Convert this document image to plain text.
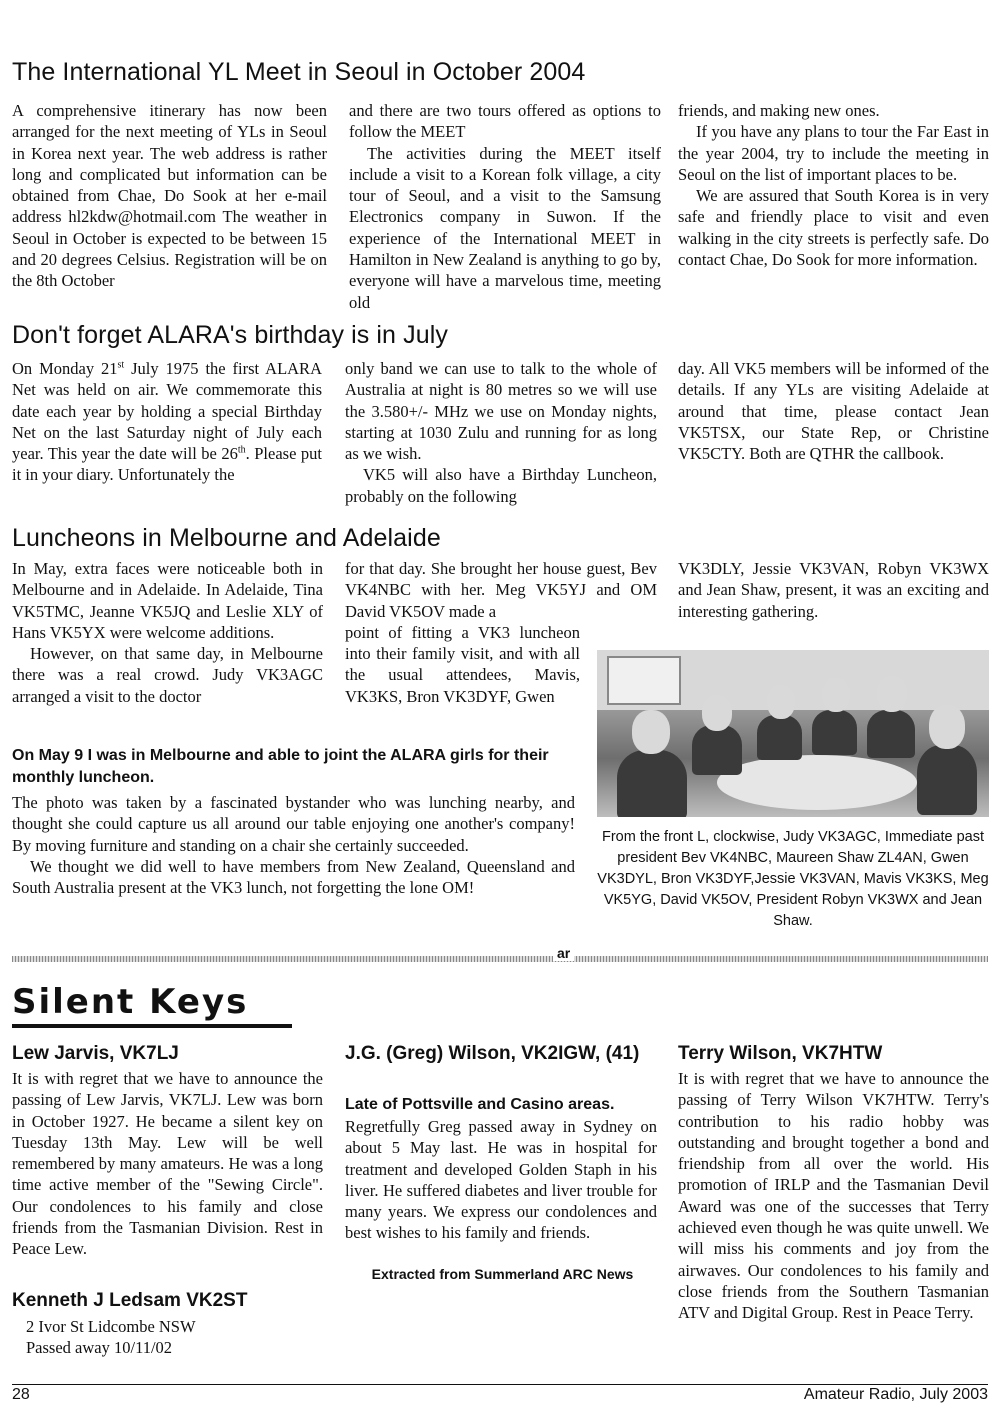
The International YL Meet in Seoul in October 2004

A comprehensive itinerary has now been arranged for the next meeting of YLs in Seoul in Korea next year. The web address is rather long and complicated but information can be obtained from Chae, Do Sook at her e-mail address hl2kdw@hotmail.com The weather in Seoul in October is expected to be between 15 and 20 degrees Celsius. Registration will be on the 8th October

and there are two tours offered as options to follow the MEET

The activities during the MEET itself include a visit to a Korean folk village, a city tour of Seoul, and a visit to the Samsung Electronics company in Suwon. If the experience of the International MEET in Hamilton in New Zealand is anything to go by, everyone will have a marvelous time, meeting old

friends, and making new ones.

If you have any plans to tour the Far East in the year 2004, try to include the meeting in Seoul on the list of important places to be.

We are assured that South Korea is in very safe and friendly place to visit and even walking in the city streets is perfectly safe. Do contact Chae, Do Sook for more information.

Don't forget ALARA's birthday is in July

On Monday 21st July 1975 the first ALARA Net was held on air. We commemorate this date each year by holding a special Birthday Net on the last Saturday night of July each year. This year the date will be 26th. Please put it in your diary. Unfortunately the

only band we can use to talk to the whole of Australia at night is 80 metres so we will use the 3.580+/- MHz we use on Monday nights, starting at 1030 Zulu and running for as long as we wish.

VK5 will also have a Birthday Luncheon, probably on the following

day. All VK5 members will be informed of the details. If any YLs are visiting Adelaide at around that time, please contact Jean VK5TSX, our State Rep, or Christine VK5CTY. Both are QTHR the callbook.

Luncheons in Melbourne and Adelaide

In May, extra faces were noticeable both in Melbourne and in Adelaide. In Adelaide, Tina VK5TMC, Jeanne VK5JQ and Leslie XLY of Hans VK5YX were welcome additions.

However, on that same day, in Melbourne there was a real crowd. Judy VK3AGC arranged a visit to the doctor

for that day. She brought her house guest, Bev VK4NBC with her. Meg VK5YJ and OM David VK5OV made a

point of fitting a VK3 luncheon into their family visit, and with all the usual attendees, Mavis, VK3KS, Bron VK3DYF, Gwen

VK3DLY, Jessie VK3VAN, Robyn VK3WX and Jean Shaw, present, it was an exciting and interesting gathering.

From the front L, clockwise, Judy VK3AGC, Immediate past president Bev VK4NBC, Maureen Shaw ZL4AN, Gwen VK3DYL, Bron VK3DYF,Jessie VK3VAN, Mavis VK3KS, Meg VK5YG, David VK5OV, President Robyn VK3WX and Jean Shaw.
On May 9 I was in Melbourne and able to joint the ALARA girls for their monthly luncheon.

The photo was taken by a fascinated bystander who was lunching nearby, and thought she could capture us all around our table enjoying one another's company! By moving furniture and standing on a chair she certainly succeeded.

We thought we did well to have members from New Zealand, Queensland and South Australia present at the VK3 lunch, not forgetting the lone OM!

ar
Silent Keys
Lew Jarvis, VK7LJ

It is with regret that we have to announce the passing of Lew Jarvis, VK7LJ. Lew was born in October 1927. He became a silent key on Tuesday 13th May. Lew will be well remembered by many amateurs. He was a long time active member of the "Sewing Circle". Our condolences to his family and close friends from the Tasmanian Division. Rest in Peace Lew.

Kenneth J Ledsam VK2ST

2 Ivor St Lidcombe NSW

Passed away 10/11/02

J.G. (Greg) Wilson, VK2IGW, (41)
Late of Pottsville and Casino areas.

Regretfully Greg passed away in Sydney on about 5 May last. He was in hospital for treatment and developed Golden Staph in his liver. He suffered diabetes and liver trouble for many years. We express our condolences and best wishes to his family and friends.

Extracted from Summerland ARC News
Terry Wilson, VK7HTW

It is with regret that we have to announce the passing of Terry Wilson VK7HTW. Terry's contribution to his radio hobby was outstanding and brought together a bond and friendship from all over the world. His promotion of IRLP and the Tasmanian Devil Award was one of the successes that Terry achieved even though he was quite unwell. We will miss his comments and joy from the airwaves. Our condolences to his family and close friends from the Southern Tasmanian ATV and Digital Group. Rest in Peace Terry.

28	Amateur Radio, July 2003
